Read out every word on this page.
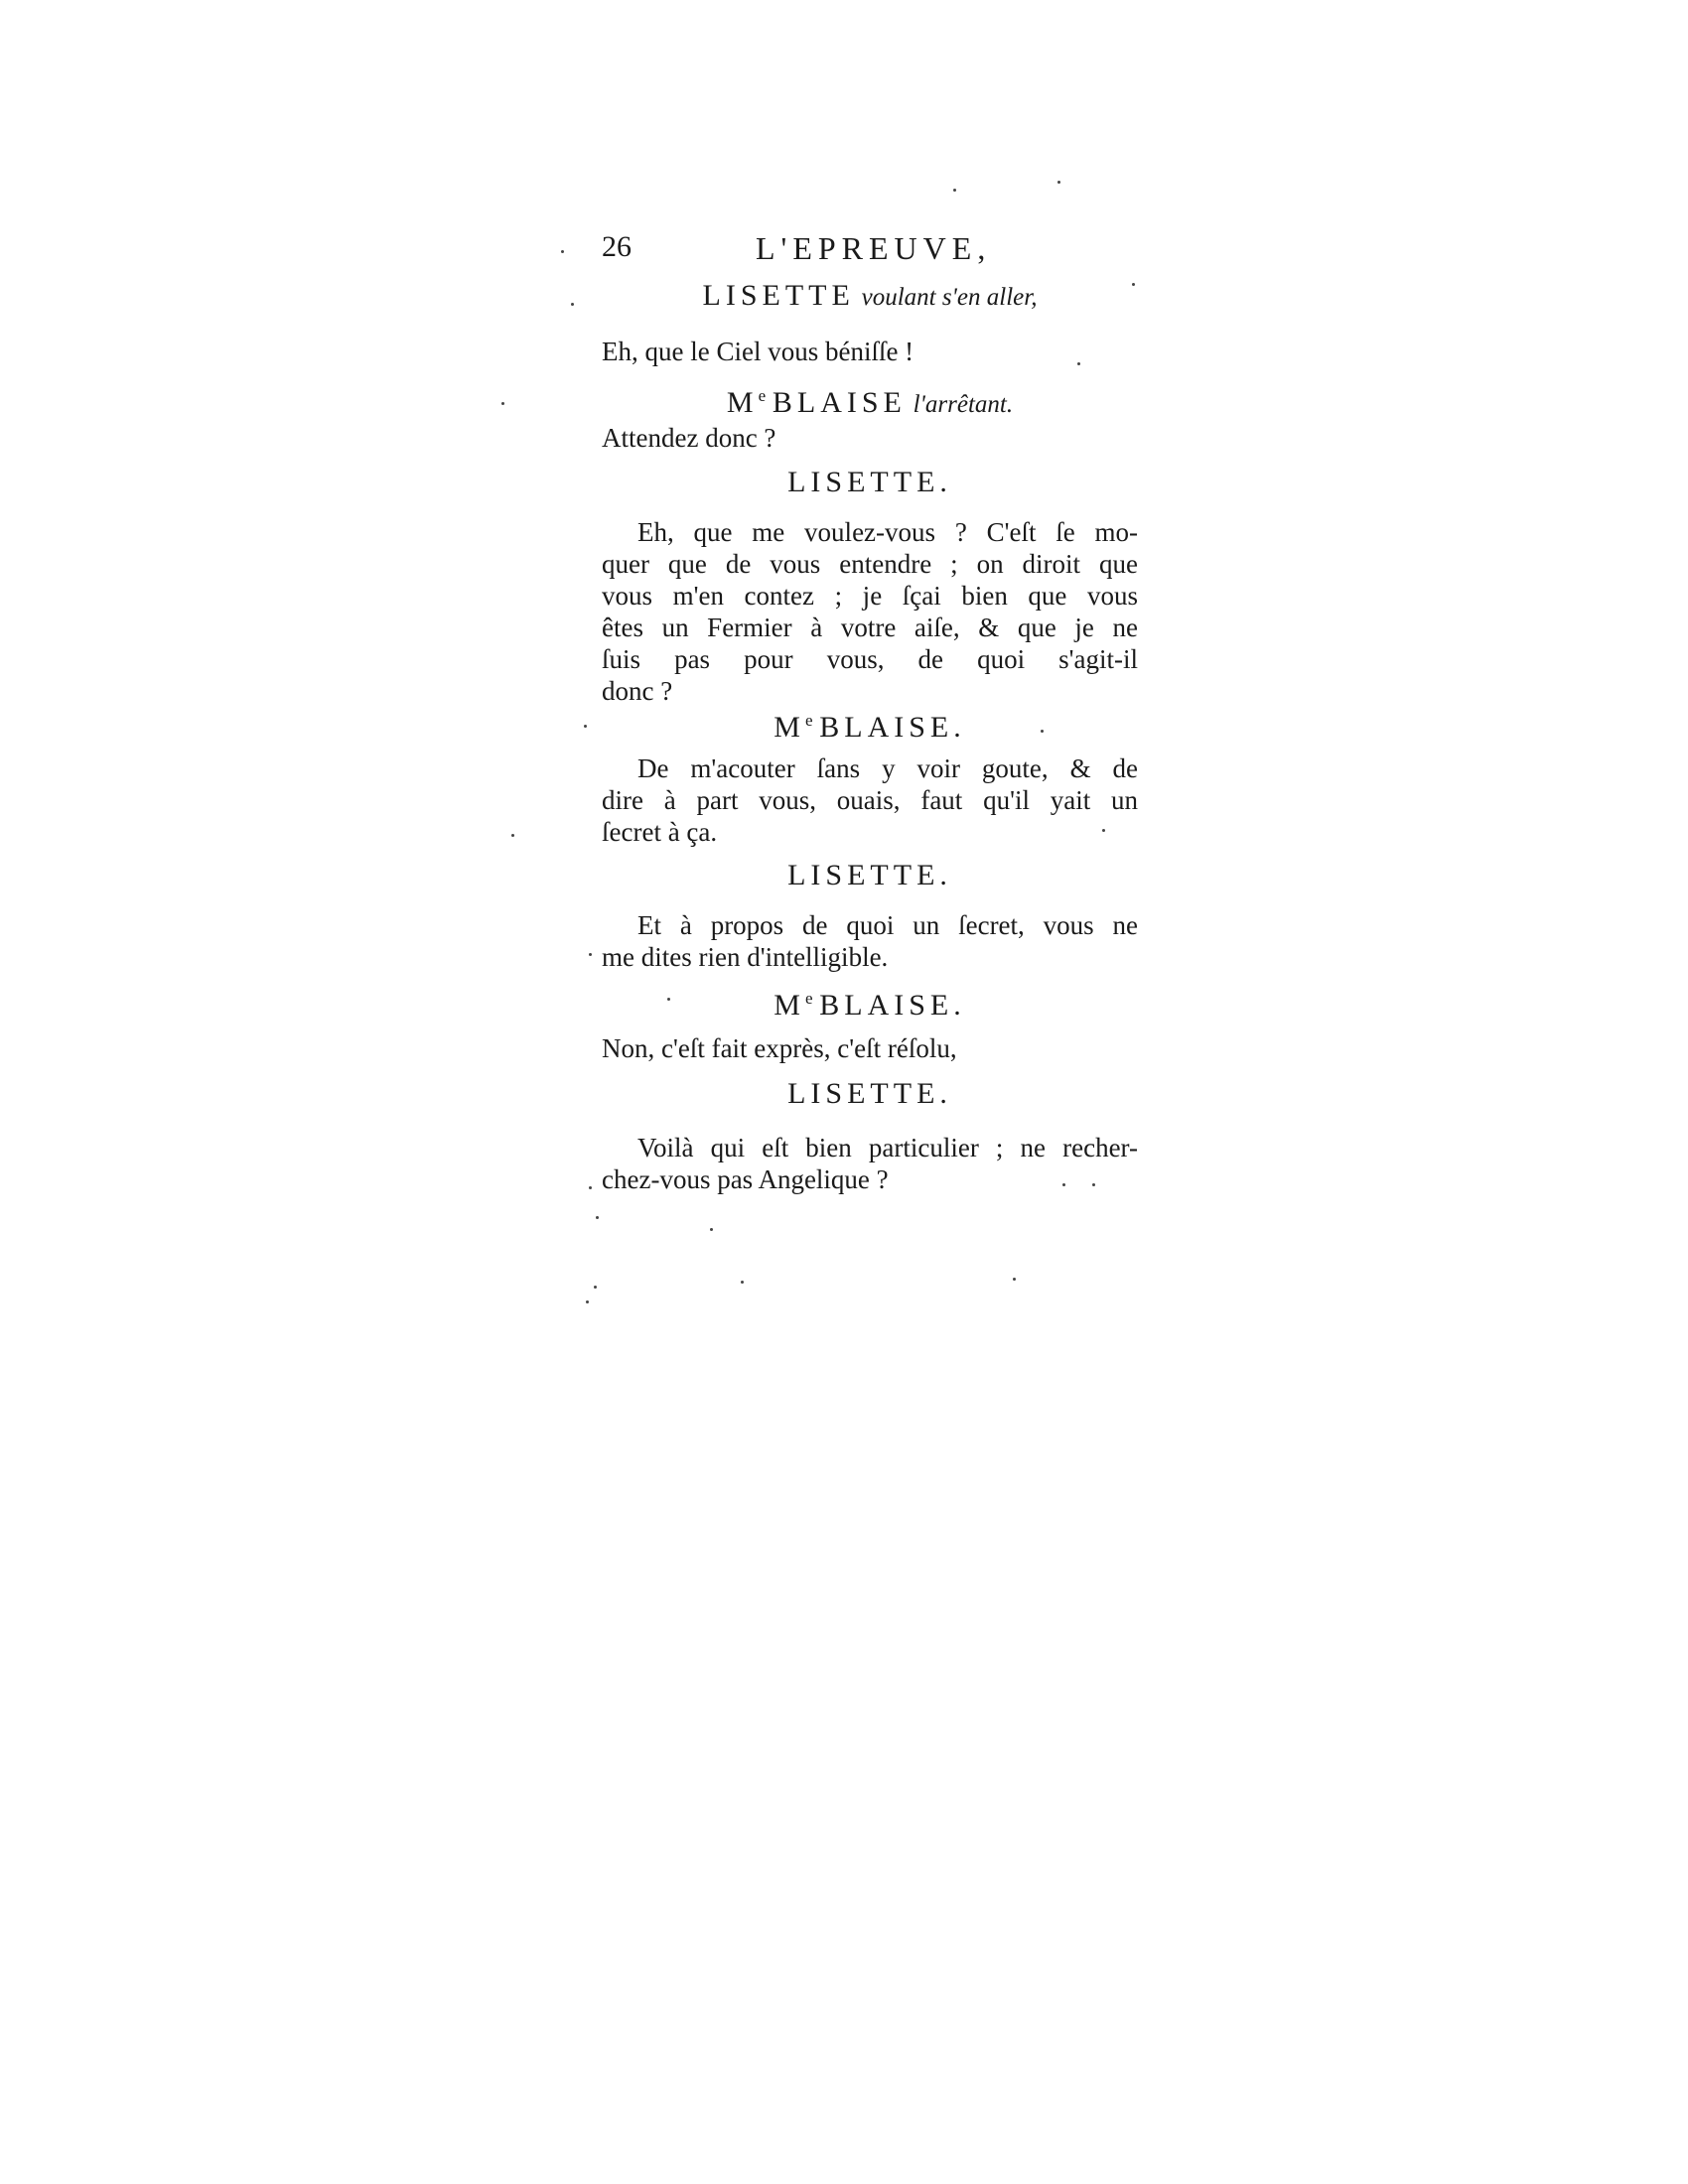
26	L'EPREUVE,
LISETTE voulant s'en aller,
Eh, que le Ciel vous béniſſe !
Me BLAISE l'arrêtant.
Attendez donc ?
LISETTE.
Eh, que me voulez-vous ? C'eſt ſe mo-
quer que de vous entendre ; on diroit que
vous m'en contez ; je ſçai bien que vous
êtes un Fermier à votre aiſe, & que je ne
ſuis pas pour vous, de quoi s'agit-il
donc ?
Me BLAISE.
De m'acouter ſans y voir goute, & de
dire à part vous, ouais, faut qu'il yait un
ſecret à ça.
LISETTE.
Et à propos de quoi un ſecret, vous ne
me dites rien d'intelligible.
Me BLAISE.
Non, c'eſt fait exprès, c'eſt réſolu,
LISETTE.
Voilà qui eſt bien particulier ; ne recher-
chez-vous pas Angelique ?
